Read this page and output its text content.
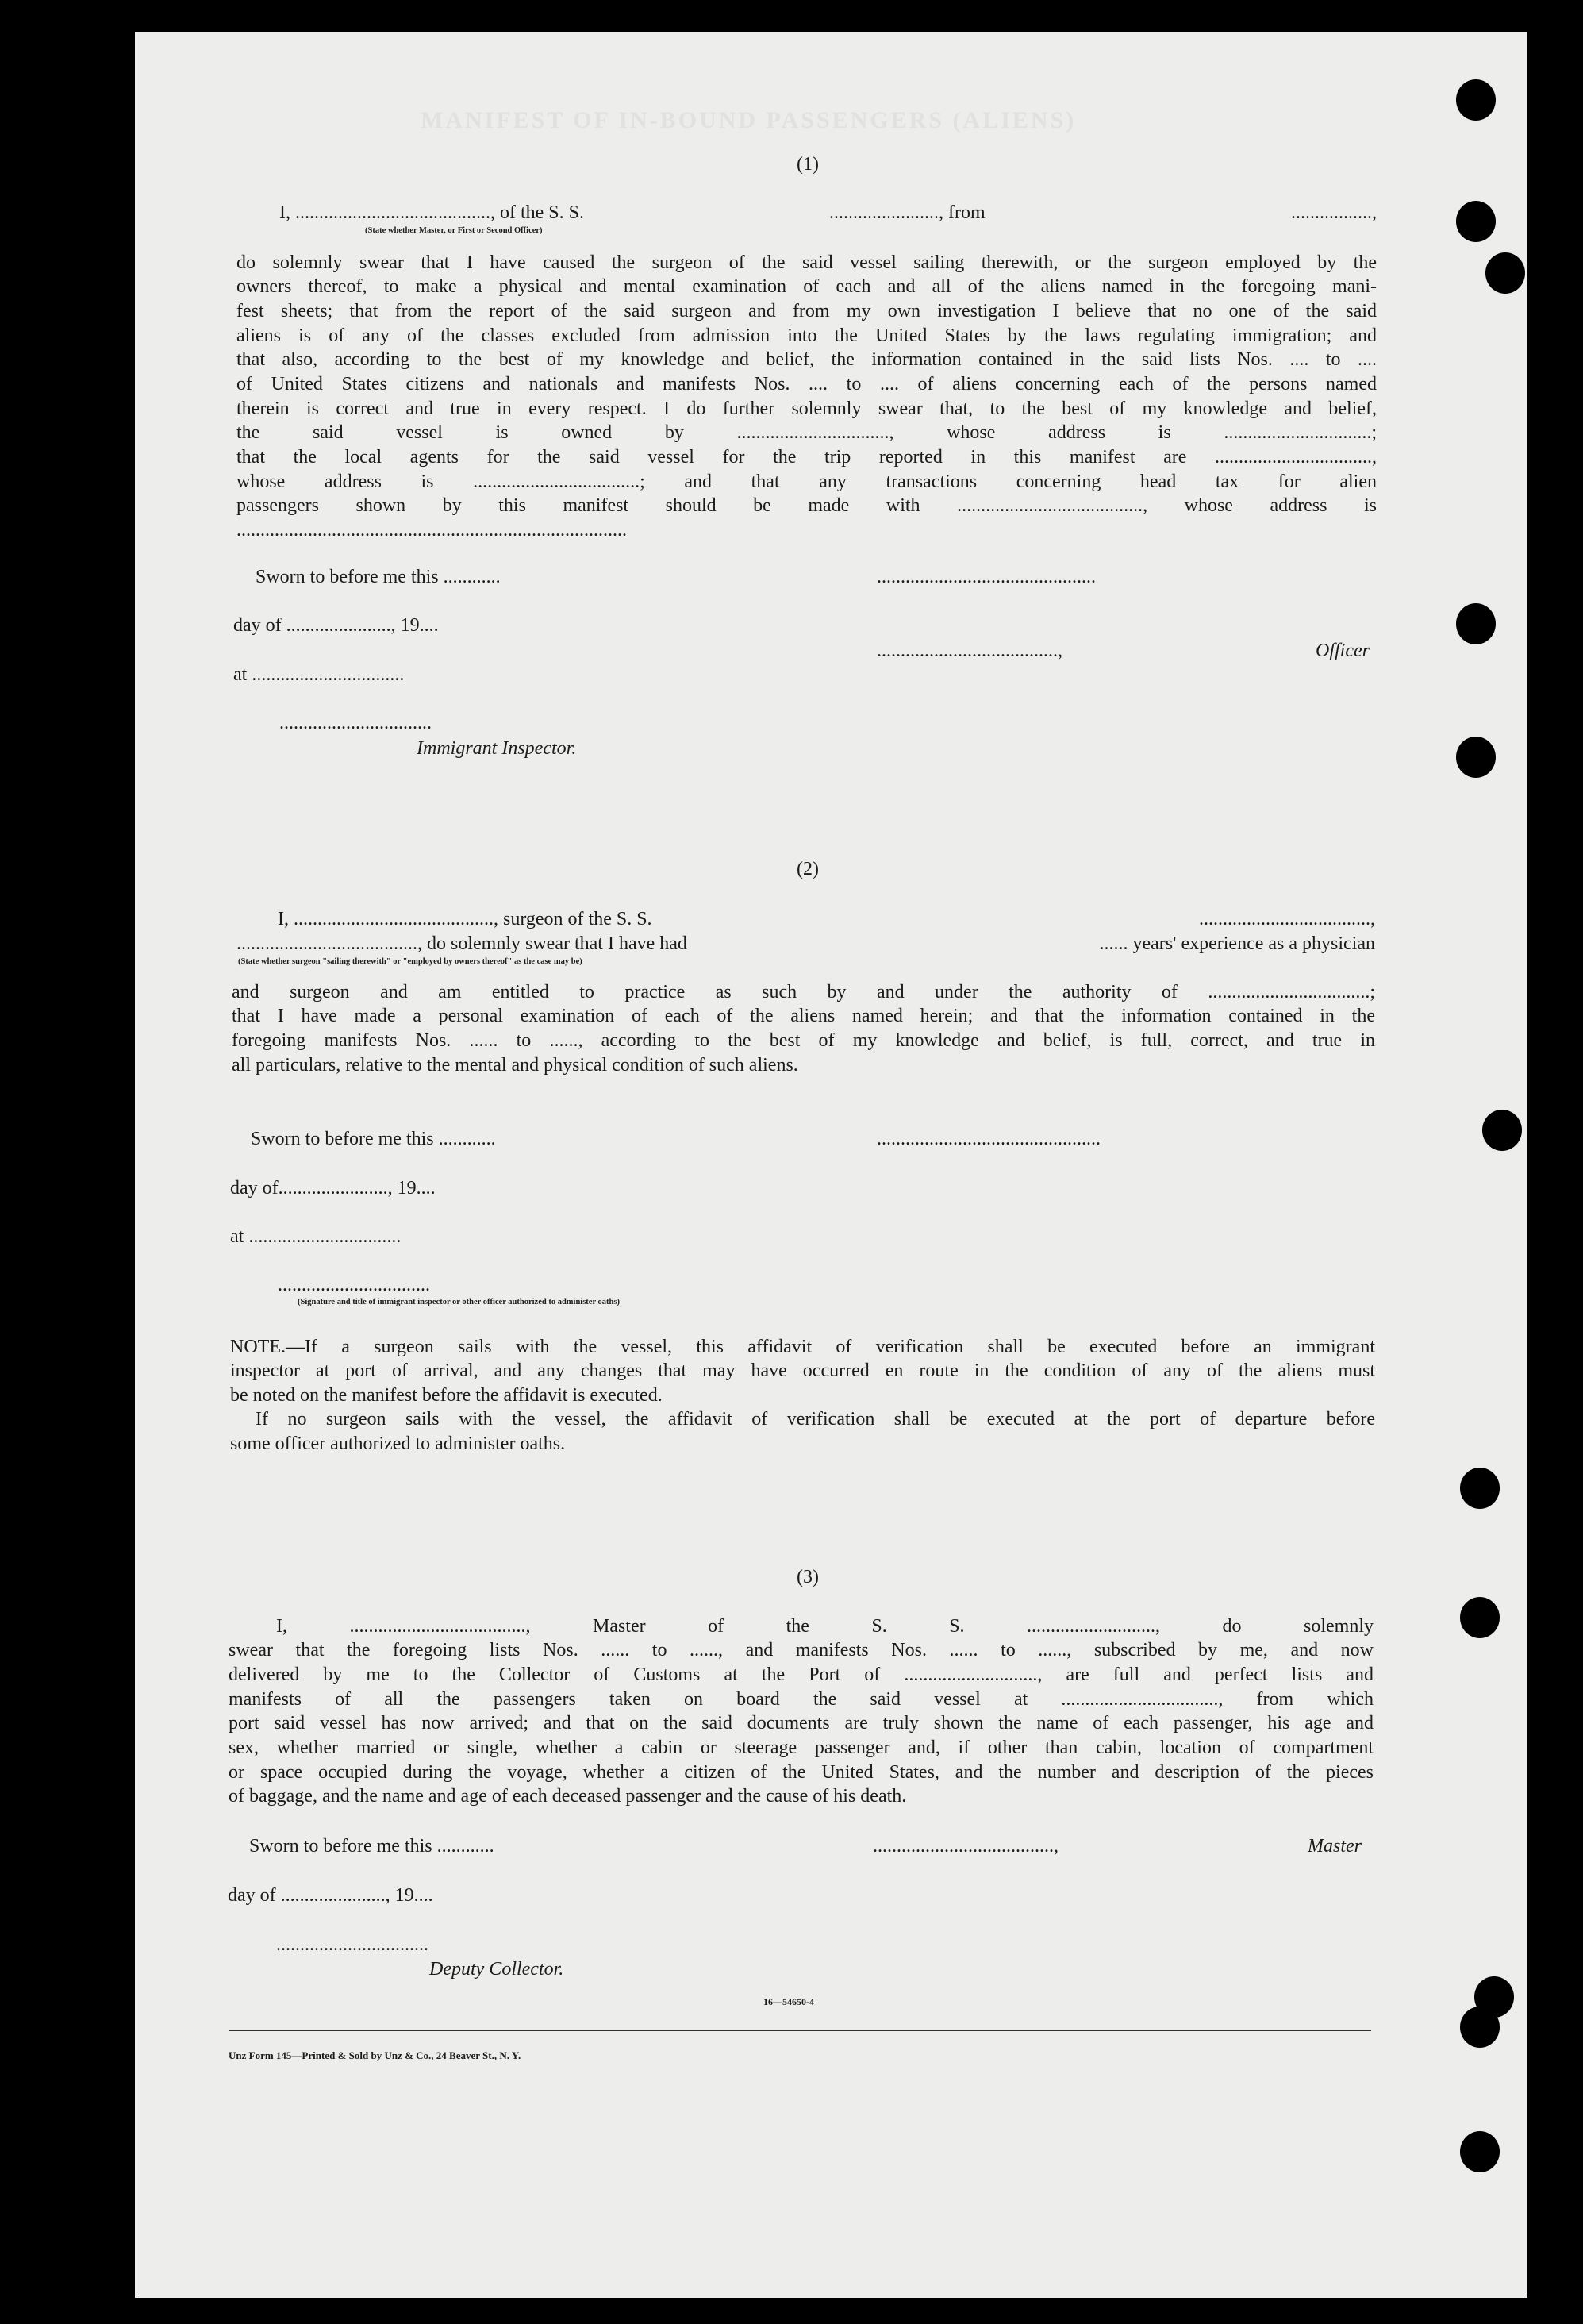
MANIFEST OF IN-BOUND PASSENGERS (ALIENS)
(1)
I, ........................................., of the S. S.	......................., from	.................,
(State whether Master, or First or Second Officer)
do solemnly swear that I have caused the surgeon of the said vessel sailing therewith, or the surgeon employed by the
owners thereof, to make a physical and mental examination of each and all of the aliens named in the foregoing mani-
fest sheets; that from the report of the said surgeon and from my own investigation I believe that no one of the said
aliens is of any of the classes excluded from admission into the United States by the laws regulating immigration; and
that also, according to the best of my knowledge and belief, the information contained in the said lists Nos. .... to ....
of United States citizens and nationals and manifests Nos. .... to .... of aliens concerning each of the persons named
therein is correct and true in every respect. I do further solemnly swear that, to the best of my knowledge and belief,
the said vessel is owned by ................................, whose address is ...............................;
that the local agents for the said vessel for the trip reported in this manifest are .................................,
whose address is ...................................; and that any transactions concerning head tax for alien
passengers shown by this manifest should be made with ......................................., whose address is
..................................................................................
Sworn to before me this ............	..............................................
day of ......................, 19....
......................................,	Officer
at ................................
................................
Immigrant Inspector.
(2)
I, .........................................., surgeon of the S. S.	....................................,
......................................, do solemnly swear that I have had	...... years' experience as a physician
(State whether surgeon "sailing therewith" or "employed by owners thereof" as the case may be)
and surgeon and am entitled to practice as such by and under the authority of ..................................;
that I have made a personal examination of each of the aliens named herein; and that the information contained in the
foregoing manifests Nos. ...... to ......, according to the best of my knowledge and belief, is full, correct, and true in
all particulars, relative to the mental and physical condition of such aliens.
Sworn to before me this ............	...............................................
day of......................., 19....
at ................................
................................
(Signature and title of immigrant inspector or other officer authorized to administer oaths)
NOTE.—If a surgeon sails with the vessel, this affidavit of verification shall be executed before an immigrant
inspector at port of arrival, and any changes that may have occurred en route in the condition of any of the aliens must
be noted on the manifest before the affidavit is executed.
If no surgeon sails with the vessel, the affidavit of verification shall be executed at the port of departure before
some officer authorized to administer oaths.
(3)
I, ....................................., Master of the S. S. ..........................., do solemnly
swear that the foregoing lists Nos. ...... to ......, and manifests Nos. ...... to ......, subscribed by me, and now
delivered by me to the Collector of Customs at the Port of ............................, are full and perfect lists and
manifests of all the passengers taken on board the said vessel at ................................., from which
port said vessel has now arrived; and that on the said documents are truly shown the name of each passenger, his age and
sex, whether married or single, whether a cabin or steerage passenger and, if other than cabin, location of compartment
or space occupied during the voyage, whether a citizen of the United States, and the number and description of the pieces
of baggage, and the name and age of each deceased passenger and the cause of his death.
Sworn to before me this ............	......................................,	Master
day of ......................, 19....
................................
Deputy Collector.
16—54650-4
Unz Form 145—Printed & Sold by Unz & Co., 24 Beaver St., N. Y.
